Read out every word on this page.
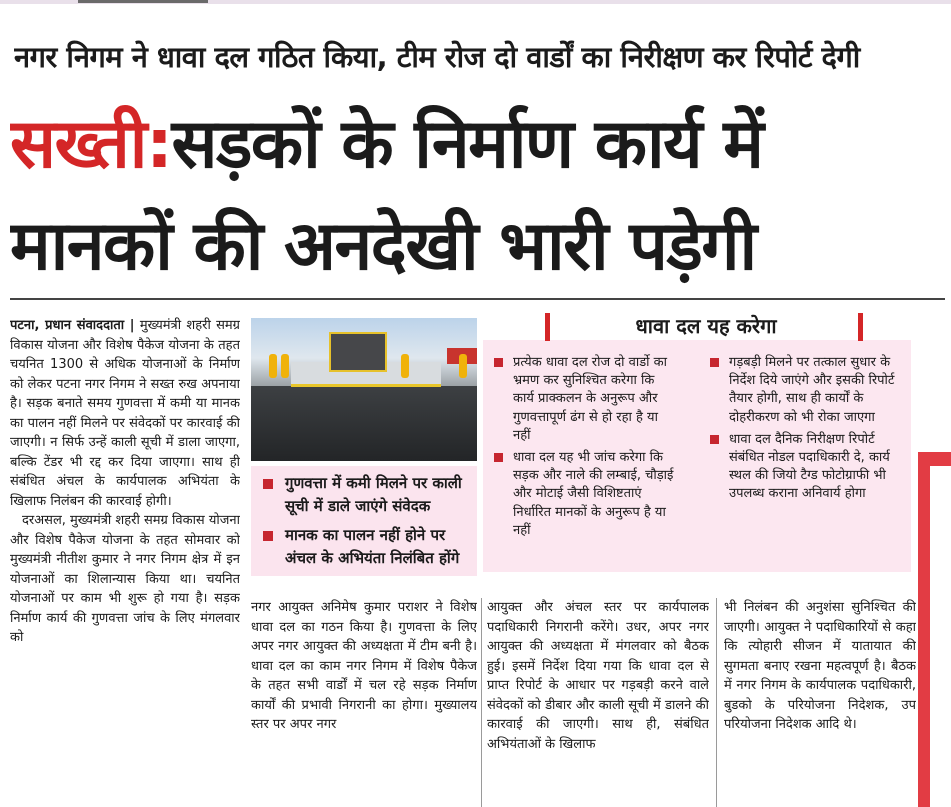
नगर निगम ने धावा दल गठित किया, टीम रोज दो वार्डों का निरीक्षण कर रिपोर्ट देगी
सख्ती:सड़कों के निर्माण कार्य में
मानकों की अनदेखी भारी पड़ेगी

पटना, प्रधान संवाददाता | मुख्यमंत्री शहरी समग्र विकास योजना और विशेष पैकेज योजना के तहत चयनित 1300 से अधिक योजनाओं के निर्माण को लेकर पटना नगर निगम ने सख्त रुख अपनाया है। सड़क बनाते समय गुणवत्ता में कमी या मानक का पालन नहीं मिलने पर संवेदकों पर कारवाई की जाएगी। न सिर्फ उन्हें काली सूची में डाला जाएगा, बल्कि टेंडर भी रद्द कर दिया जाएगा। साथ ही संबंधित अंचल के कार्यपालक अभियंता के खिलाफ निलंबन की कारवाई होगी।

दरअसल, मुख्यमंत्री शहरी समग्र विकास योजना और विशेष पैकेज योजना के तहत सोमवार को मुख्यमंत्री नीतीश कुमार ने नगर निगम क्षेत्र में इन योजनाओं का शिलान्यास किया था। चयनित योजनाओं पर काम भी शुरू हो गया है। सड़क निर्माण कार्य की गुणवत्ता जांच के लिए मंगलवार को

गुणवत्ता में कमी मिलने पर काली सूची में डाले जाएंगे संवेदक
मानक का पालन नहीं होने पर अंचल के अभियंता निलंबित होंगे
प्रत्येक धावा दल रोज दो वार्डो का भ्रमण कर सुनिश्चित करेगा कि कार्य प्राक्कलन के अनुरूप और गुणवत्तापूर्ण ढंग से हो रहा है या नहीं
धावा दल यह भी जांच करेगा कि सड़क और नाले की लम्बाई, चौड़ाई और मोटाई जैसी विशिष्टताएं निर्धारित मानकों के अनुरूप है या नहीं
गड़बड़ी मिलने पर तत्काल सुधार के निर्देश दिये जाएंगे और इसकी रिपोर्ट तैयार होगी, साथ ही कार्यों के दोहरीकरण को भी रोका जाएगा
धावा दल दैनिक निरीक्षण रिपोर्ट संबंधित नोडल पदाधिकारी दे, कार्य स्थल की जियो टैग्ड फोटोग्राफी भी उपलब्ध कराना अनिवार्य होगा
धावा दल यह करेगा

नगर आयुक्त अनिमेष कुमार पराशर ने विशेष धावा दल का गठन किया है। गुणवत्ता के लिए अपर नगर आयुक्त की अध्यक्षता में टीम बनी है। धावा दल का काम नगर निगम में विशेष पैकेज के तहत सभी वार्डों में चल रहे सड़क निर्माण कार्यों की प्रभावी निगरानी का होगा। मुख्यालय स्तर पर अपर नगर

आयुक्त और अंचल स्तर पर कार्यपालक पदाधिकारी निगरानी करेंगे। उधर, अपर नगर आयुक्त की अध्यक्षता में मंगलवार को बैठक हुई। इसमें निर्देश दिया गया कि धावा दल से प्राप्त रिपोर्ट के आधार पर गड़बड़ी करने वाले संवेदकों को डीबार और काली सूची में डालने की कारवाई की जाएगी। साथ ही, संबंधित अभियंताओं के खिलाफ

भी निलंबन की अनुशंसा सुनिश्चित की जाएगी। आयुक्त ने पदाधिकारियों से कहा कि त्योहारी सीजन में यातायात की सुगमता बनाए रखना महत्वपूर्ण है। बैठक में नगर निगम के कार्यपालक पदाधिकारी, बुडको के परियोजना निदेशक, उप परियोजना निदेशक आदि थे।
